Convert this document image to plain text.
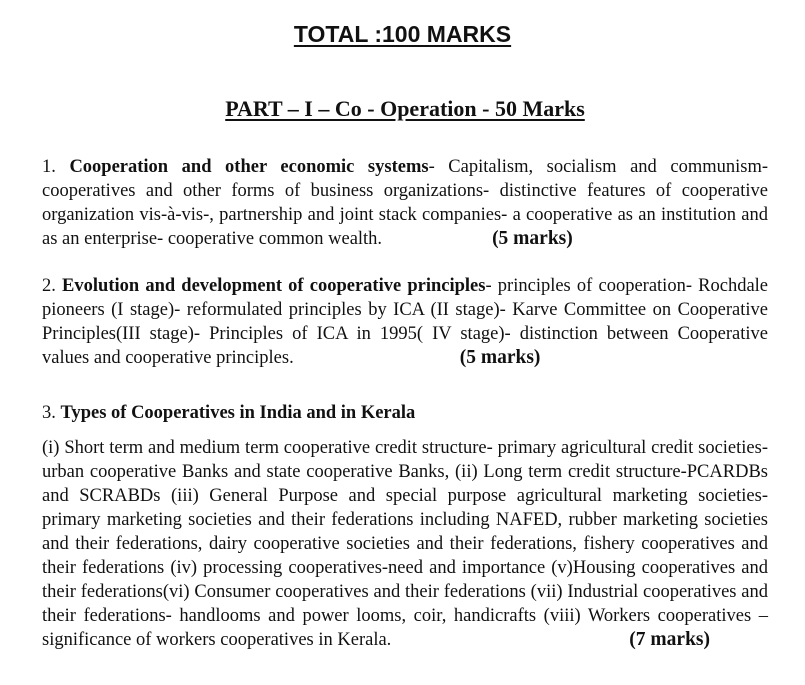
TOTAL :100 MARKS
PART – I – Co - Operation - 50 Marks
1. Cooperation and other economic systems- Capitalism, socialism and communism- cooperatives and other forms of business organizations- distinctive features of cooperative organization vis-à-vis-, partnership and joint stack companies- a cooperative as an institution and as an enterprise- cooperative common wealth.	(5 marks)
2. Evolution and development of cooperative principles- principles of cooperation- Rochdale pioneers (I stage)- reformulated principles by ICA (II stage)- Karve Committee on Cooperative Principles(III stage)- Principles of ICA in 1995( IV stage)- distinction between Cooperative values and cooperative principles.	(5 marks)
3. Types of Cooperatives in India and in Kerala
(i) Short term and medium term cooperative credit structure- primary agricultural credit societies- urban cooperative Banks and state cooperative Banks, (ii) Long term credit structure-PCARDBs and SCRABDs (iii) General Purpose and special purpose agricultural marketing societies- primary marketing societies and their federations including NAFED, rubber marketing societies and their federations, dairy cooperative societies and their federations, fishery cooperatives and their federations (iv) processing cooperatives-need and importance (v)Housing cooperatives and their federations(vi) Consumer cooperatives and their federations (vii) Industrial cooperatives and their federations- handlooms and power looms, coir, handicrafts (viii) Workers cooperatives –significance of workers cooperatives in Kerala.	(7 marks)
